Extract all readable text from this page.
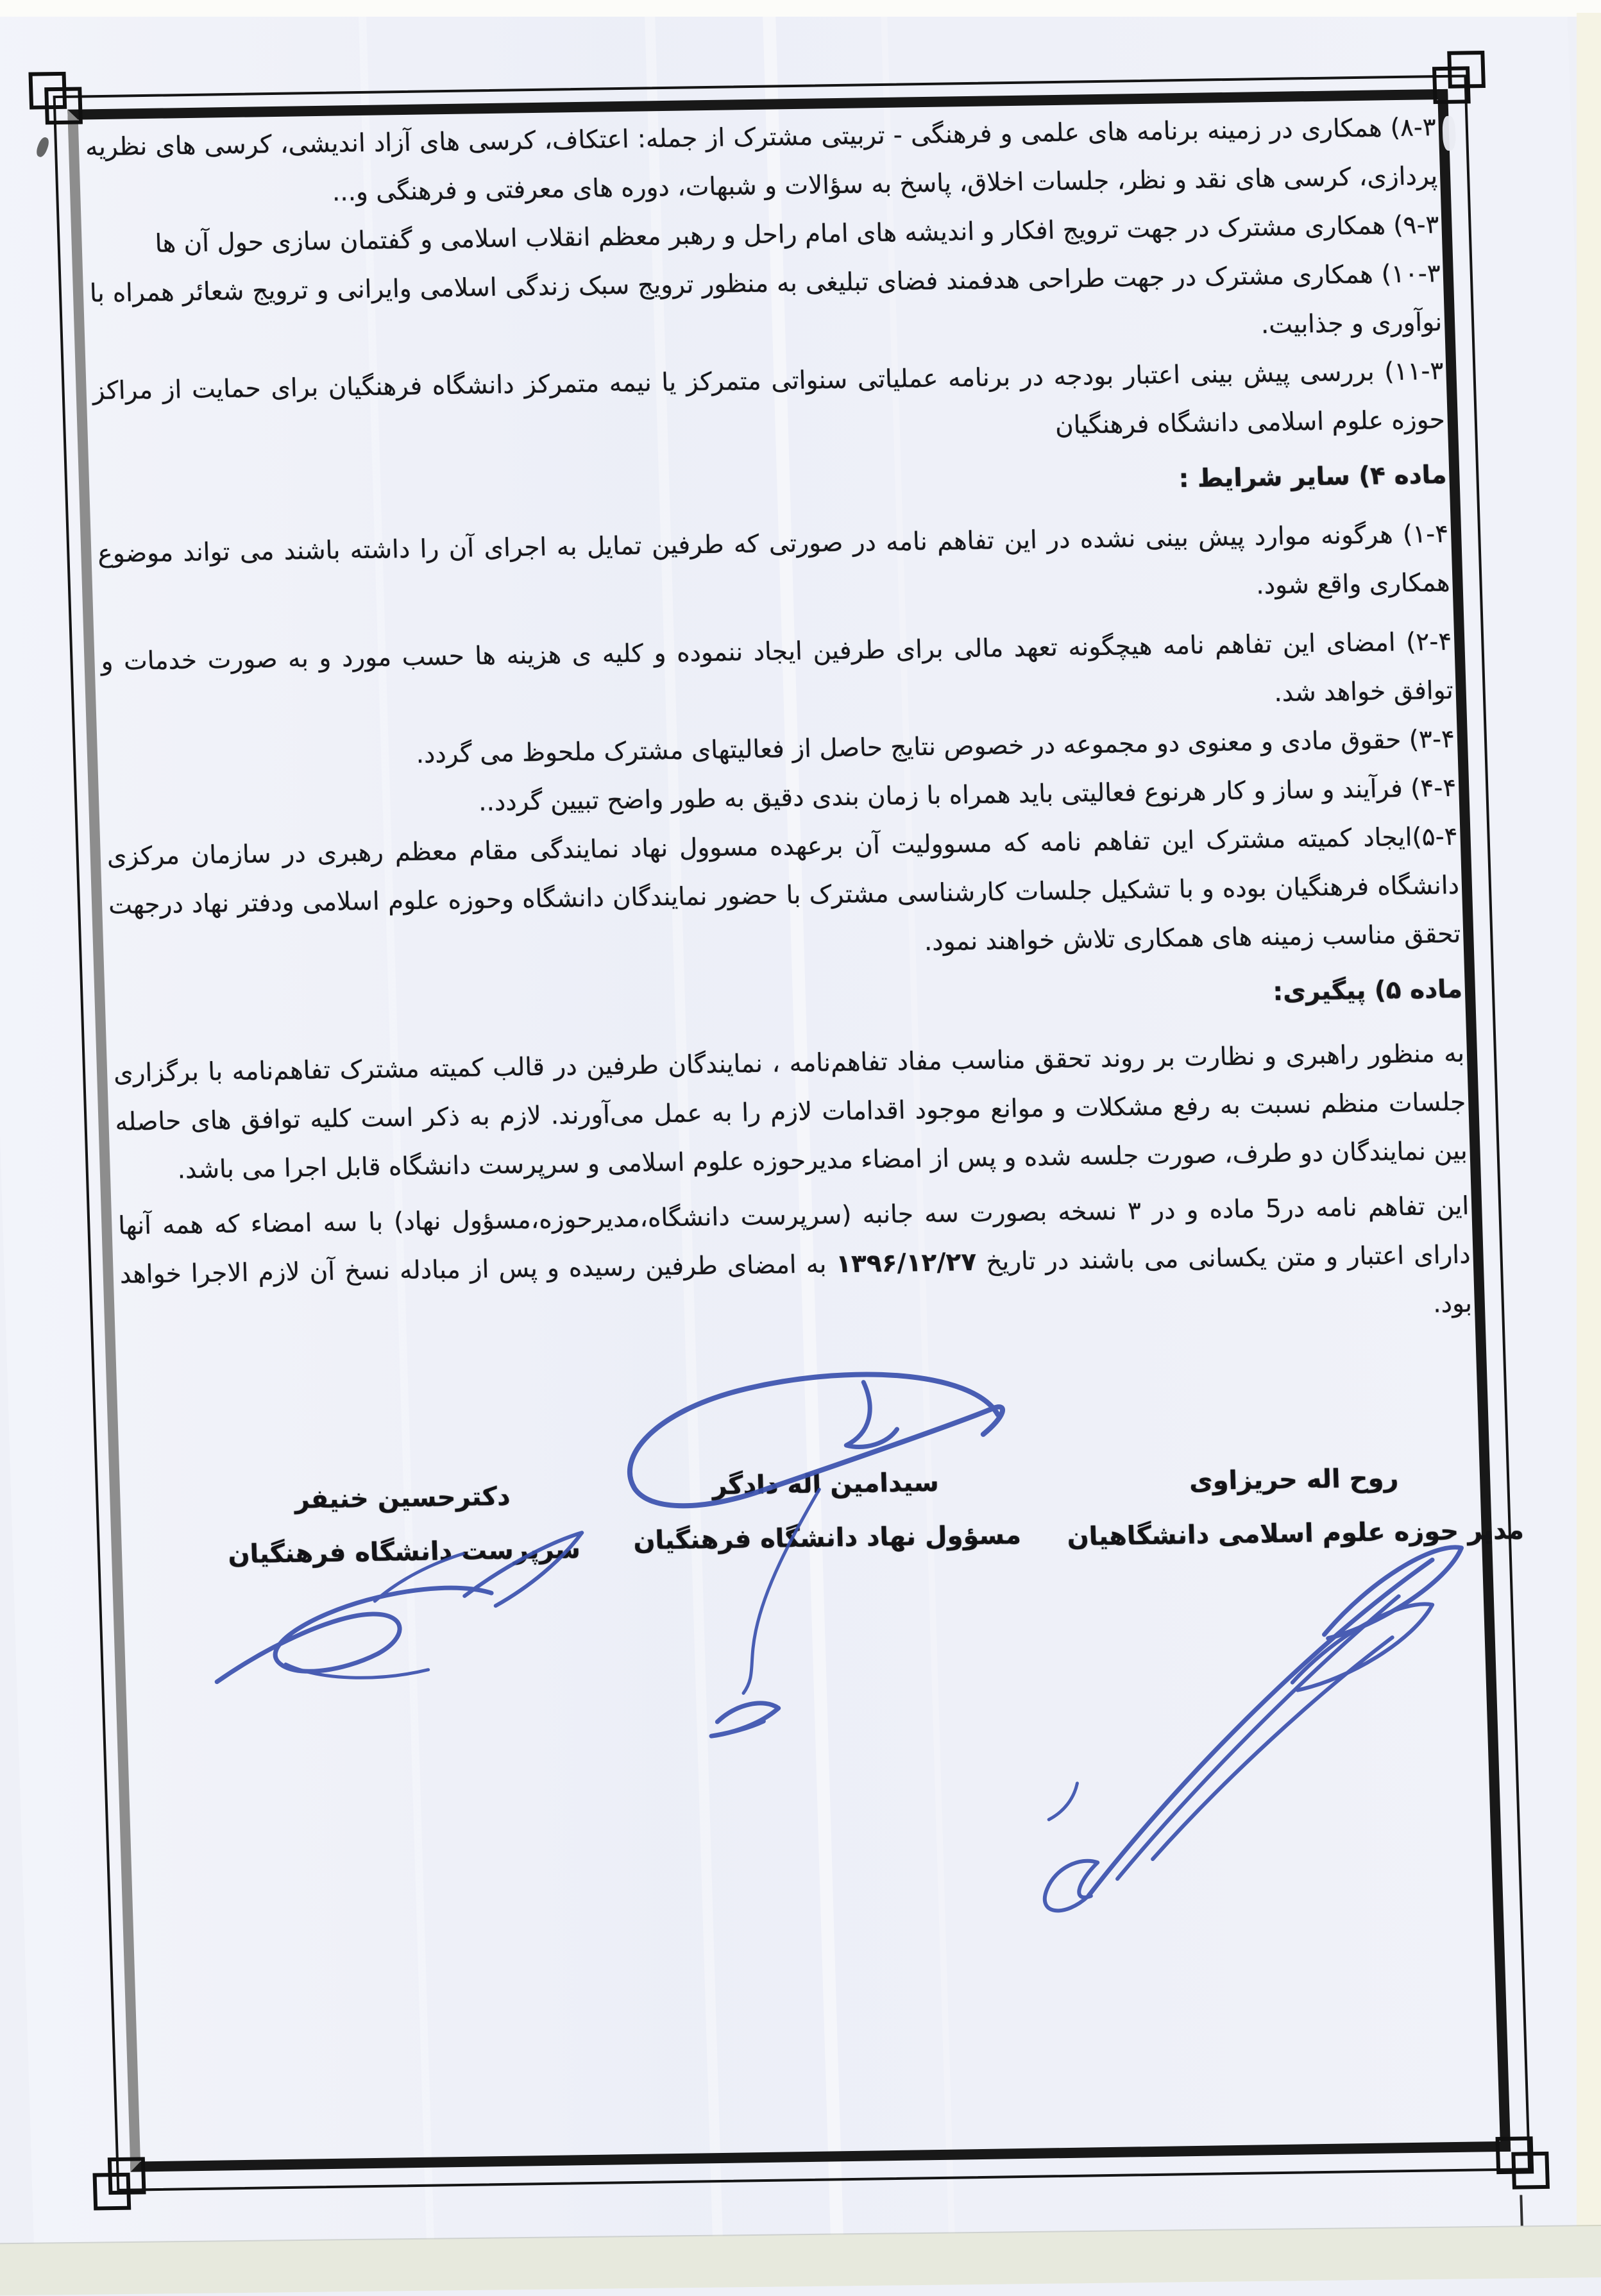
۸-۳) همکاری در زمینه برنامه های علمی و فرهنگی - تربیتی مشترک از جمله: اعتکاف، کرسی های آزاد اندیشی، کرسی های نظریه پردازی، کرسی های نقد و نظر، جلسات اخلاق، پاسخ به سؤالات و شبهات، دوره های معرفتی و فرهنگی و...

۹-۳) همکاری مشترک در جهت ترویج افکار و اندیشه های امام راحل و رهبر معظم انقلاب اسلامی و گفتمان سازی حول آن ها

۱۰-۳) همکاری مشترک در جهت طراحی هدفمند فضای تبلیغی به منظور ترویج سبک زندگی اسلامی وایرانی و ترویج شعائر همراه با نوآوری و جذابیت.

۱۱-۳) بررسی پیش بینی اعتبار بودجه در برنامه عملیاتی سنواتی متمرکز یا نیمه متمرکز دانشگاه فرهنگیان برای حمایت از مراکز حوزه علوم اسلامی دانشگاه فرهنگیان

ماده ۴) سایر شرایط :

۱-۴) هرگونه موارد پیش بینی نشده در این تفاهم نامه در صورتی که طرفین تمایل به اجرای آن را داشته باشند می تواند موضوع همکاری واقع شود.

۲-۴) امضای این تفاهم نامه هیچگونه تعهد مالی برای طرفین ایجاد ننموده و کلیه ی هزینه ها حسب مورد و به صورت خدمات و توافق خواهد شد.

۳-۴) حقوق مادی و معنوی دو مجموعه در خصوص نتایج حاصل از فعالیتهای مشترک ملحوظ می گردد.

۴-۴) فرآیند و ساز و کار هرنوع فعالیتی باید همراه با زمان بندی دقیق به طور واضح تبیین گردد..

۵-۴)ایجاد کمیته مشترک این تفاهم نامه که مسوولیت آن برعهده مسوول نهاد نمایندگی مقام معظم رهبری در سازمان مرکزی دانشگاه فرهنگیان بوده و با تشکیل جلسات کارشناسی مشترک با حضور نمایندگان دانشگاه وحوزه علوم اسلامی ودفتر نهاد درجهت تحقق مناسب زمینه های همکاری تلاش خواهند نمود.

ماده ۵) پیگیری:

به منظور راهبری و نظارت بر روند تحقق مناسب مفاد تفاهم‌نامه ، نمایندگان طرفین در قالب کمیته مشترک تفاهم‌نامه با برگزاری جلسات منظم نسبت به رفع مشکلات و موانع موجود اقدامات لازم را به عمل می‌آورند. لازم به ذکر است کلیه توافق های حاصله بین نمایندگان دو طرف، صورت جلسه شده و پس از امضاء مدیرحوزه علوم اسلامی و سرپرست دانشگاه قابل اجرا می باشد.

این تفاهم نامه در5 ماده و در ۳ نسخه بصورت سه جانبه (سرپرست دانشگاه،مدیرحوزه،مسؤول نهاد) با سه امضاء که همه آنها دارای اعتبار و متن یکسانی می باشند در تاریخ ۱۳۹۶/۱۲/۲۷ به امضای طرفین رسیده و پس از مبادله نسخ آن لازم الاجرا خواهد بود.

روح اله حریزاوی
مدیر حوزه علوم اسلامی دانشگاهیان
سیدامین اله دادگر
مسؤول نهاد دانشگاه فرهنگیان
دکترحسین خنیفر
سرپرست دانشگاه فرهنگیان
